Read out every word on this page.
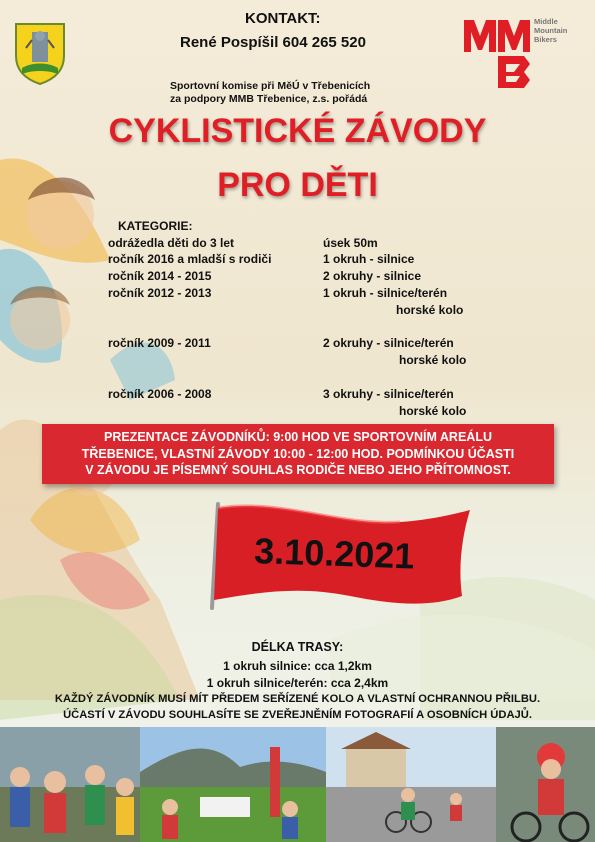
KONTAKT:
René Pospíšil 604 265 520
Middle
Mountain
Bikers
Sportovní komise při MěÚ v Třebenicích
za podpory MMB Třebenice, z.s. pořádá
CYKLISTICKÉ ZÁVODY
PRO DĚTI
KATEGORIE:
odrážedla děti do 3 let	úsek 50m
ročník 2016 a mladší s rodiči	1 okruh - silnice
ročník 2014 - 2015	2 okruhy - silnice
ročník 2012 - 2013	1 okruh - silnice/terén
horské kolo
ročník 2009 - 2011	2 okruhy - silnice/terén
horské kolo
ročník 2006 - 2008	3 okruhy - silnice/terén
horské kolo
PREZENTACE ZÁVODNÍKŮ: 9:00 HOD VE SPORTOVNÍM AREÁLU
TŘEBENICE, VLASTNÍ ZÁVODY 10:00 - 12:00 HOD. PODMÍNKOU ÚČASTI
V ZÁVODU JE PÍSEMNÝ SOUHLAS RODIČE NEBO JEHO PŘÍTOMNOST.
3.10.2021
DÉLKA TRASY:
1 okruh silnice: cca 1,2km
1 okruh silnice/terén: cca 2,4km
KAŽDÝ ZÁVODNÍK MUSÍ MÍT PŘEDEM SEŘÍZENÉ KOLO A VLASTNÍ OCHRANNOU PŘILBU.
ÚČASTÍ V ZÁVODU SOUHLASÍTE SE ZVEŘEJNĚNÍM FOTOGRAFIÍ A OSOBNÍCH ÚDAJŮ.
